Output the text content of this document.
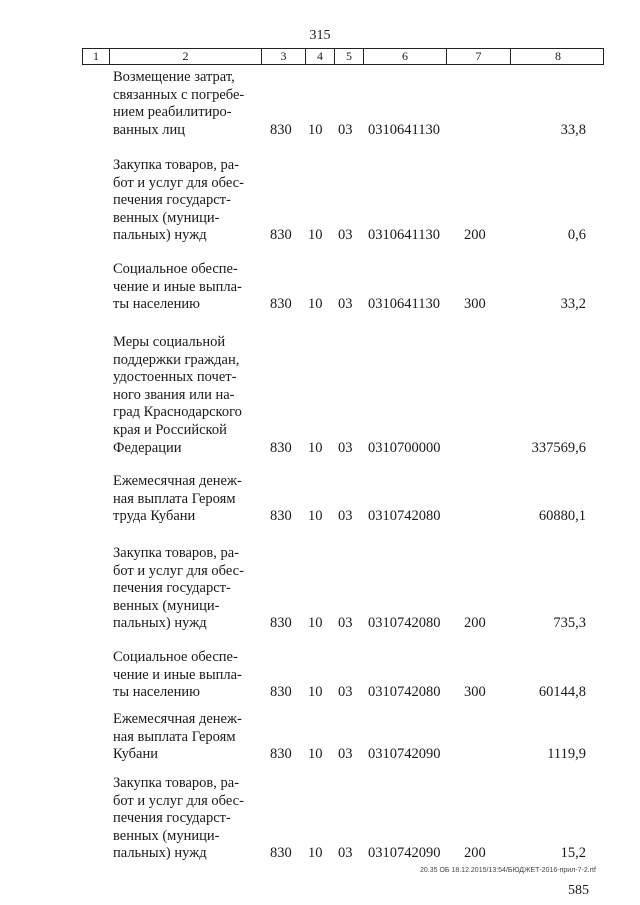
315
1	2	3	4	5	6	7	8
Возмещение затрат,
связанных с погребе-
нием реабилитиро-
ванных лиц	830 10 03 0310641130	33,8
Закупка товаров, ра-
бот и услуг для обес-
печения государст-
венных (муници-
пальных) нужд	830 10 03 0310641130 200	0,6
Социальное обеспе-
чение и иные выпла-
ты населению	830 10 03 0310641130 300	33,2
Меры социальной
поддержки граждан,
удостоенных почет-
ного звания или на-
град Краснодарского
края и Российской
Федерации	830 10 03 0310700000	337569,6
Ежемесячная денеж-
ная выплата Героям
труда Кубани	830 10 03 0310742080	60880,1
Закупка товаров, ра-
бот и услуг для обес-
печения государст-
венных (муници-
пальных) нужд	830 10 03 0310742080 200	735,3
Социальное обеспе-
чение и иные выпла-
ты населению	830 10 03 0310742080 300	60144,8
Ежемесячная денеж-
ная выплата Героям
Кубани	830 10 03 0310742090	1119,9
Закупка товаров, ра-
бот и услуг для обес-
печения государст-
венных (муници-
пальных) нужд	830 10 03 0310742090 200	15,2
20.35 ОБ 18.12.2015/13:54/БЮДЖЕТ-2016-прил-7-2.rtf
585
